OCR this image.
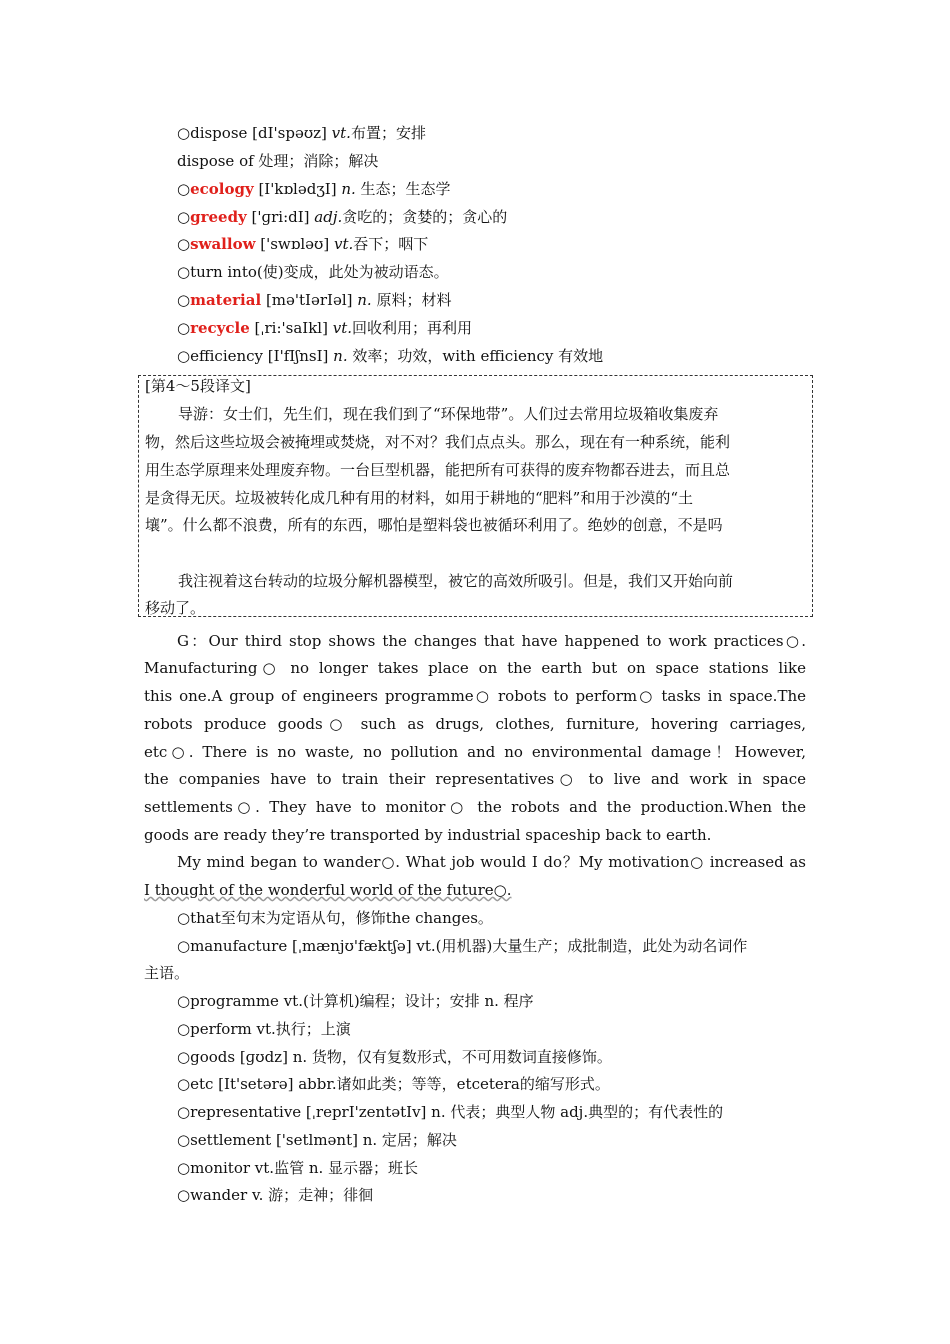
○dispose [dI'spəʊz] vt.布置；安排
dispose of 处理；消除；解决
○ecology [I'kɒlədʒI] n. 生态；生态学
○greedy ['ɡri:dI] adj.贪吃的；贪婪的；贪心的
○swallow ['swɒləʊ] vt.吞下；咽下
○turn into(使)变成，此处为被动语态。
○material [mə'tIərIəl] n. 原料；材料
○recycle [ˌri:'saIkl] vt.回收利用；再利用
○efficiency [I'fIʃnsI] n. 效率；功效，with efficiency 有效地
[第4～5段译文]
导游：女士们，先生们，现在我们到了“环保地带”。人们过去常用垃圾箱收集废弃
物，然后这些垃圾会被掩埋或焚烧，对不对？我们点点头。那么，现在有一种系统，能利
用生态学原理来处理废弃物。一台巨型机器，能把所有可获得的废弃物都吞进去，而且总
是贪得无厌。垃圾被转化成几种有用的材料，如用于耕地的“肥料”和用于沙漠的“土
壤”。什么都不浪费，所有的东西，哪怕是塑料袋也被循环利用了。绝妙的创意，不是吗
我注视着这台转动的垃圾分解机器模型，被它的高效所吸引。但是，我们又开始向前
移动了。
G：Our third stop shows the changes that have happened to work practices○.
Manufacturing○ no longer takes place on the earth but on space stations like
this one.A group of engineers programme○ robots to perform○ tasks in space.The
robots produce goods○ such as drugs, clothes, furniture, hovering carriages,
etc○. There is no waste, no pollution and no environmental damage！However,
the companies have to train their representatives○ to live and work in space
settlements○. They have to monitor○ the robots and the production.When the
goods are ready they’re transported by industrial spaceship back to earth.
My mind began to wander○. What job would I do？My motivation○ increased as
I thought of the wonderful world of the future○.
○that至句末为定语从句，修饰the changes。
○manufacture [ˌmænjʊ'fæktʃə] vt.(用机器)大量生产；成批制造，此处为动名词作
主语。
○programme vt.(计算机)编程；设计；安排 n. 程序
○perform vt.执行；上演
○goods [ɡʊdz] n. 货物，仅有复数形式，不可用数词直接修饰。
○etc [It'setərə] abbr.诸如此类；等等，etcetera的缩写形式。
○representative [ˌreprI'zentətIv] n. 代表；典型人物 adj.典型的；有代表性的
○settlement ['setlmənt] n. 定居；解决
○monitor vt.监管 n. 显示器；班长
○wander v. 游；走神；徘徊
